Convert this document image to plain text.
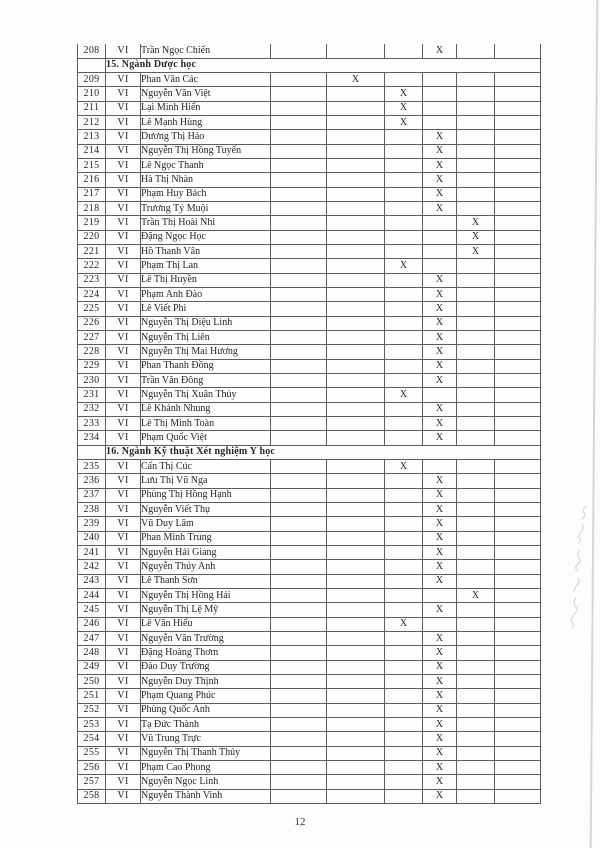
208	VI	Trần Ngọc Chiến				X		
	15. Ngành Dược học							
209	VI	Phan Văn Các		X				
210	VI	Nguyễn Văn Việt			X			
211	VI	Lại Minh Hiển			X			
212	VI	Lê Mạnh Hùng			X			
213	VI	Dương Thị Hảo				X		
214	VI	Nguyễn Thị Hồng Tuyến				X		
215	VI	Lê Ngọc Thanh				X		
216	VI	Hà Thị Nhàn				X		
217	VI	Phạm Huy Bách				X		
218	VI	Trương Tý Muội				X		
219	VI	Trần Thị Hoài Nhi					X	
220	VI	Đặng Ngọc Học					X	
221	VI	Hồ Thanh Vân					X	
222	VI	Phạm Thị Lan			X			
223	VI	Lê Thị Huyền				X		
224	VI	Phạm Anh Đào				X		
225	VI	Lê Viết Phi				X		
226	VI	Nguyễn Thị Diệu Linh				X		
227	VI	Nguyễn Thị Liên				X		
228	VI	Nguyễn Thị Mai Hương				X		
229	VI	Phan Thanh Đồng				X		
230	VI	Trần Văn Đông				X		
231	VI	Nguyễn Thị Xuân Thủy			X			
232	VI	Lê Khánh Nhung				X		
233	VI	Lê Thị Minh Toàn				X		
234	VI	Phạm Quốc Việt				X		
	16. Ngành Kỹ thuật Xét nghiệm Y học							
235	VI	Cấn Thị Cúc			X			
236	VI	Lưu Thị Vũ Nga				X		
237	VI	Phùng Thị Hồng Hạnh				X		
238	VI	Nguyễn Viết Thụ				X		
239	VI	Vũ Duy Lâm				X		
240	VI	Phan Minh Trung				X		
241	VI	Nguyễn Hải Giang				X		
242	VI	Nguyễn Thúy Anh				X		
243	VI	Lê Thanh Sơn				X		
244	VI	Nguyễn Thị Hồng Hải					X	
245	VI	Nguyễn Thị Lệ Mỹ				X		
246	VI	Lê Văn Hiểu			X			
247	VI	Nguyễn Văn Trường				X		
248	VI	Đặng Hoàng Thơm				X		
249	VI	Đào Duy Trường				X		
250	VI	Nguyễn Duy Thịnh				X		
251	VI	Phạm Quang Phúc				X		
252	VI	Phùng Quốc Anh				X		
253	VI	Tạ Đức Thành				X		
254	VI	Vũ Trung Trực				X		
255	VI	Nguyễn Thị Thanh Thủy				X		
256	VI	Phạm Cao Phong				X		
257	VI	Nguyễn Ngọc Linh				X		
258	VI	Nguyễn Thành Vinh				X		
12
